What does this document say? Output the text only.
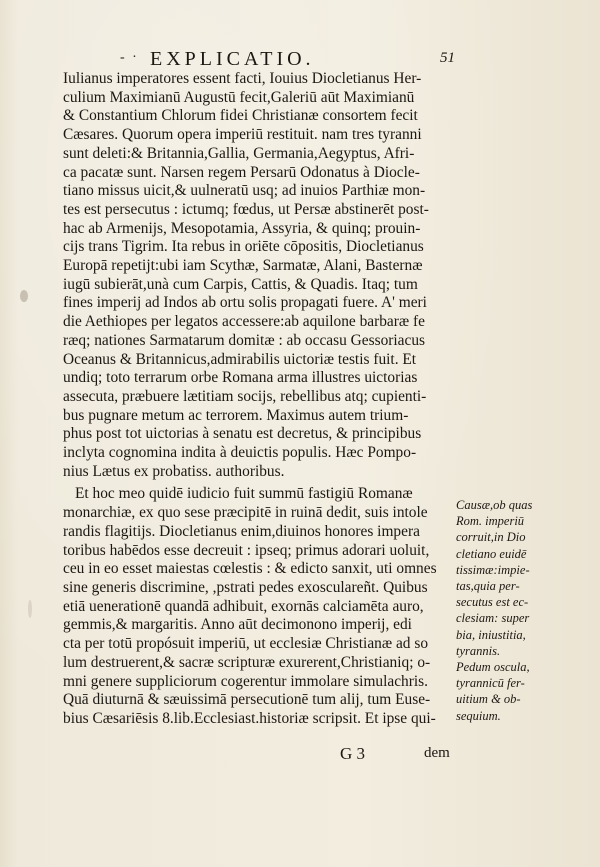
- · EXPLICATIO.	51
Iulianus imperatores essent facti, Iouius Diocletianus Her-
culium Maximianū Augustū fecit,Galeriū aūt Maximianū
& Constantium Chlorum fidei Christianæ consortem fecit
Cæsares. Quorum opera imperiū restituit. nam tres tyranni
sunt deleti:& Britannia,Gallia, Germania,Aegyptus, Afri-
ca pacatæ sunt. Narsen regem Persarū Odonatus à Diocle-
tiano missus uicit,& uulneratū usq; ad inuios Parthiæ mon-
tes est persecutus : ictumq; fœdus, ut Persæ abstinerēt post-
hac ab Armenijs, Mesopotamia, Assyria, & quinq; prouin-
cijs trans Tigrim. Ita rebus in oriēte cōpositis, Diocletianus
Europā repetijt:ubi iam Scythæ, Sarmatæ, Alani, Basternæ
iugū subierāt,unà cum Carpis, Cattis, & Quadis. Itaq; tum
fines imperij ad Indos ab ortu solis propagati fuere. A' meri
die Aethiopes per legatos accessere:ab aquilone barbaræ fe
ræq; nationes Sarmatarum domitæ : ab occasu Gessoriacus
Oceanus & Britannicus,admirabilis uictoriæ testis fuit. Et
undiq; toto terrarum orbe Romana arma illustres uictorias
assecuta, præbuere lætitiam socijs, rebellibus atq; cupienti-
bus pugnare metum ac terrorem. Maximus autem trium-
phus post tot uictorias à senatu est decretus, & principibus
inclyta cognomina indita à deuictis populis. Hæc Pompo-
nius Lætus ex probatiss. authoribus.
Et hoc meo quidē iudicio fuit summū fastigiū Romanæ
monarchiæ, ex quo sese præcipitē in ruinā dedit, suis intole
randis flagitijs. Diocletianus enim,diuinos honores impera
toribus habēdos esse decreuit : ipseq; primus adorari uoluit,
ceu in eo esset maiestas cœlestis : & edicto sanxit, uti omnes
sine generis discrimine, ,pstrati pedes exosculareñt. Quibus
etiā uenerationē quandā adhibuit, exornās calciamēta auro,
gemmis,& margaritis. Anno aūt decimonono imperij, edi
cta per totū propósuit imperiū, ut ecclesiæ Christianæ ad so
lum destruerent,& sacræ scripturæ exurerent,Christianiq; o-
mni genere suppliciorum cogerentur immolare simulachris.
Quā diuturnā & sæuissimā persecutionē tum alij, tum Euse-
bius Cæsariēsis 8.lib.Ecclesiast.historiæ scripsit. Et ipse qui-
Causæ,ob quas
Rom. imperiū
corruit,in Dio
cletiano euidē
tissimæ:impie-
tas,quia per-
secutus est ec-
clesiam: super
bia, iniustitia,
tyrannis.
Pedum oscula,
tyrannicū fer-
uitium & ob-
sequium.
G 3	dem
